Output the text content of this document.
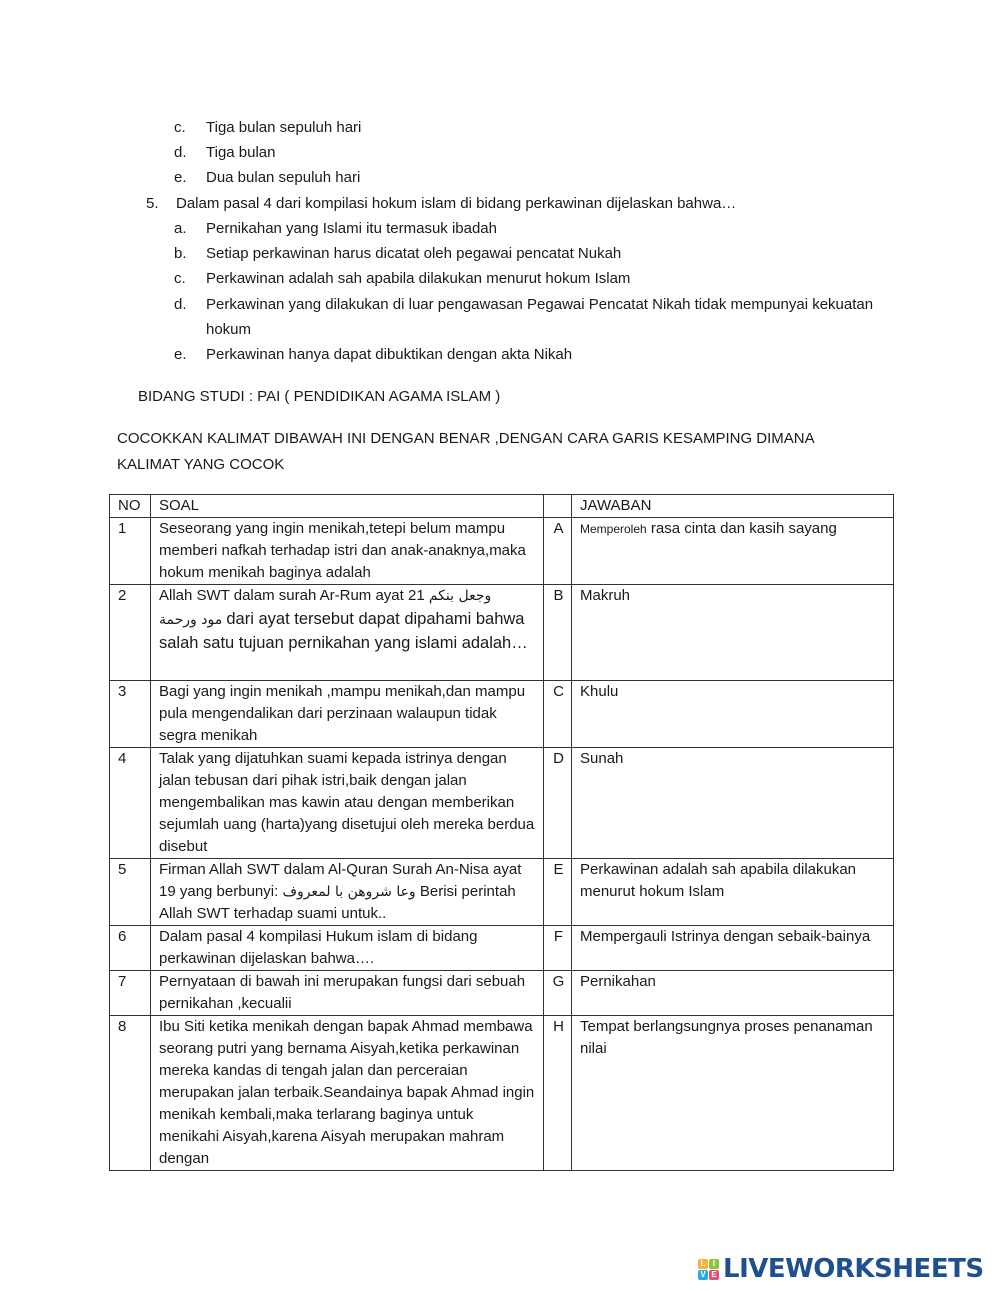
c.	Tiga bulan sepuluh hari
d.	Tiga bulan
e.	Dua bulan sepuluh hari
5. Dalam pasal 4 dari kompilasi hokum islam di bidang perkawinan dijelaskan bahwa…
a.	Pernikahan yang Islami itu termasuk ibadah
b.	Setiap perkawinan harus dicatat oleh pegawai pencatat Nukah
c.	Perkawinan adalah sah apabila dilakukan menurut hokum Islam
d.	Perkawinan yang dilakukan di luar pengawasan Pegawai Pencatat Nikah tidak mempunyai kekuatan hokum
e.	Perkawinan hanya dapat dibuktikan dengan akta Nikah
BIDANG STUDI : PAI ( PENDIDIKAN AGAMA ISLAM )
COCOKKAN KALIMAT DIBAWAH INI DENGAN BENAR ,DENGAN CARA GARIS KESAMPING DIMANA KALIMAT YANG COCOK
NO	SOAL		JAWABAN
1	Seseorang yang ingin menikah,tetepi belum mampu memberi nafkah terhadap istri dan anak-anaknya,maka hokum menikah baginya adalah	A	Memperoleh rasa cinta dan kasih sayang
2	Allah SWT dalam surah Ar-Rum ayat 21 وجعل بنكم
مود ورحمة dari ayat tersebut dapat dipahami bahwa salah satu tujuan pernikahan yang islami adalah…	B	Makruh
3	Bagi yang ingin menikah ,mampu menikah,dan mampu pula mengendalikan dari perzinaan walaupun tidak segra menikah	C	Khulu
4	Talak yang dijatuhkan suami kepada istrinya dengan jalan tebusan dari pihak istri,baik dengan jalan mengembalikan mas kawin atau dengan memberikan sejumlah uang (harta)yang disetujui oleh mereka berdua disebut	D	Sunah
5	Firman Allah SWT dalam Al-Quran Surah An-Nisa ayat 19 yang berbunyi: وعا شروهن با لمعروف Berisi perintah Allah SWT terhadap suami untuk..	E	Perkawinan adalah sah apabila dilakukan menurut hokum Islam
6	Dalam pasal 4 kompilasi Hukum islam di bidang perkawinan dijelaskan bahwa….	F	Mempergauli Istrinya dengan sebaik-bainya
7	Pernyataan di bawah ini merupakan fungsi dari sebuah pernikahan ,kecualii	G	Pernikahan
8	Ibu Siti ketika menikah dengan bapak Ahmad membawa seorang putri yang bernama Aisyah,ketika perkawinan mereka kandas di tengah jalan dan perceraian merupakan jalan terbaik.Seandainya bapak Ahmad ingin menikah kembali,maka terlarang baginya untuk menikahi Aisyah,karena Aisyah merupakan mahram dengan	H	Tempat berlangsungnya proses penanaman nilai
L I
V E LIVEWORKSHEETS
